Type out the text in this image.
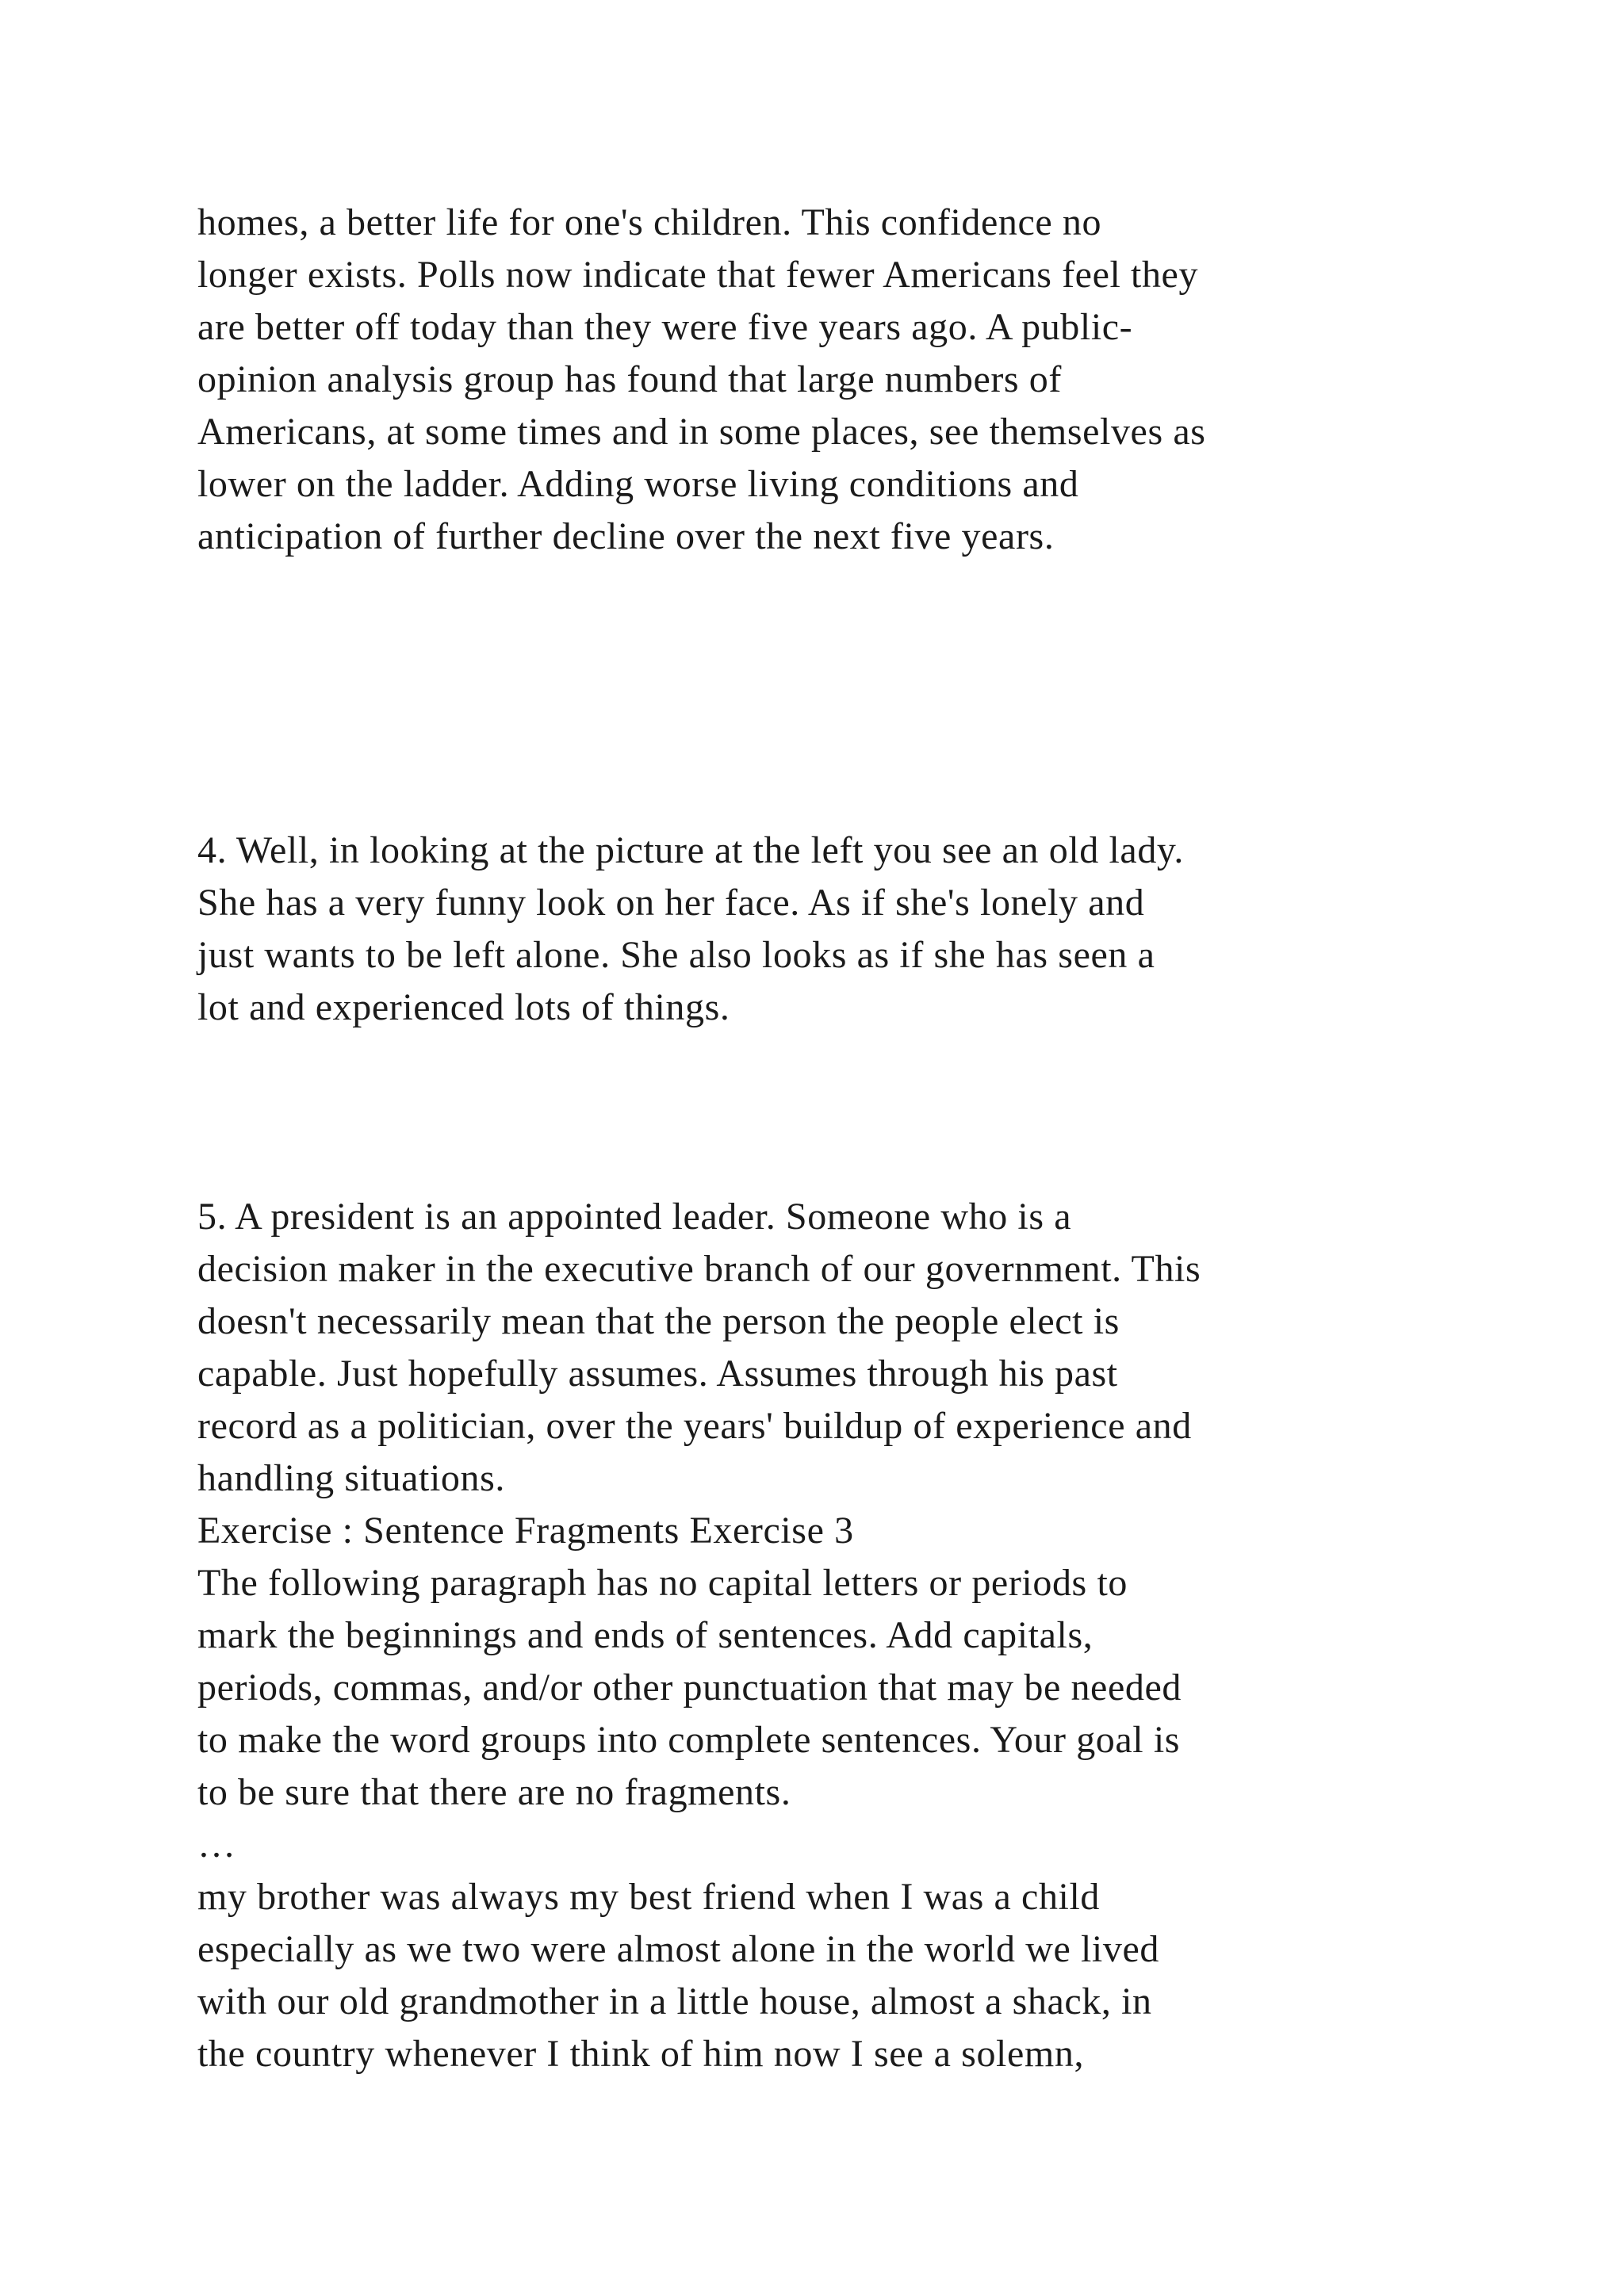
homes, a better life for one's children. This confidence no

longer exists. Polls now indicate that fewer Americans feel they

are better off today than they were five years ago. A public-

opinion analysis group has found that large numbers of

Americans, at some times and in some places, see themselves as

lower on the ladder. Adding worse living conditions and

anticipation of further decline over the next five years.

4. Well, in looking at the picture at the left you see an old lady.

She has a very funny look on her face. As if she's lonely and

just wants to be left alone. She also looks as if she has seen a

lot and experienced lots of things.

5. A president is an appointed leader. Someone who is a

decision maker in the executive branch of our government. This

doesn't necessarily mean that the person the people elect is

capable. Just hopefully assumes. Assumes through his past

record as a politician, over the years' buildup of experience and

handling situations.

Exercise : Sentence Fragments Exercise 3

The following paragraph has no capital letters or periods to

mark the beginnings and ends of sentences. Add capitals,

periods, commas, and/or other punctuation that may be needed

to make the word groups into complete sentences. Your goal is

to be sure that there are no fragments.

…

my brother was always my best friend when I was a child

especially as we two were almost alone in the world we lived

with our old grandmother in a little house, almost a shack, in

the country whenever I think of him now I see a solemn,
